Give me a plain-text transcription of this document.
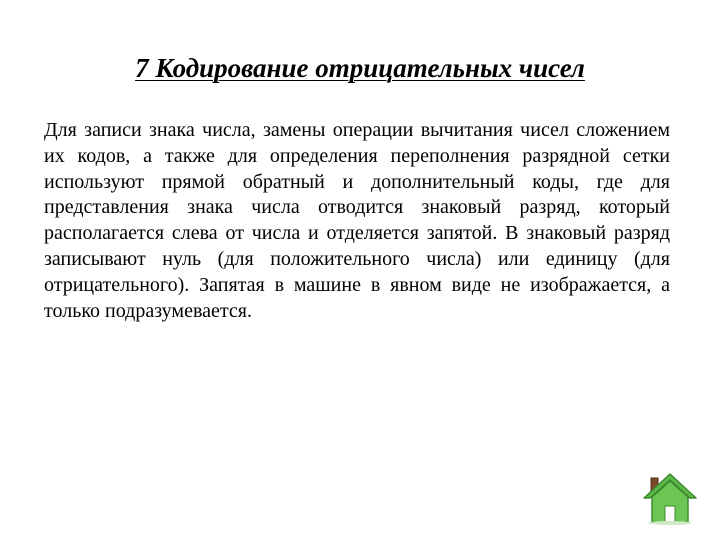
7 Кодирование отрицательных чисел

Для записи знака числа, замены операции вычитания чисел сложением их кодов, а также для определения переполнения разрядной сетки используют прямой обратный и дополнительный коды, где для представления знака числа отводится знаковый разряд, который располагается слева от числа и отделяется запятой. В знаковый разряд записывают нуль (для положительного числа) или единицу (для отрицательного). Запятая в машине в явном виде не изображается, а только подразумевается.
